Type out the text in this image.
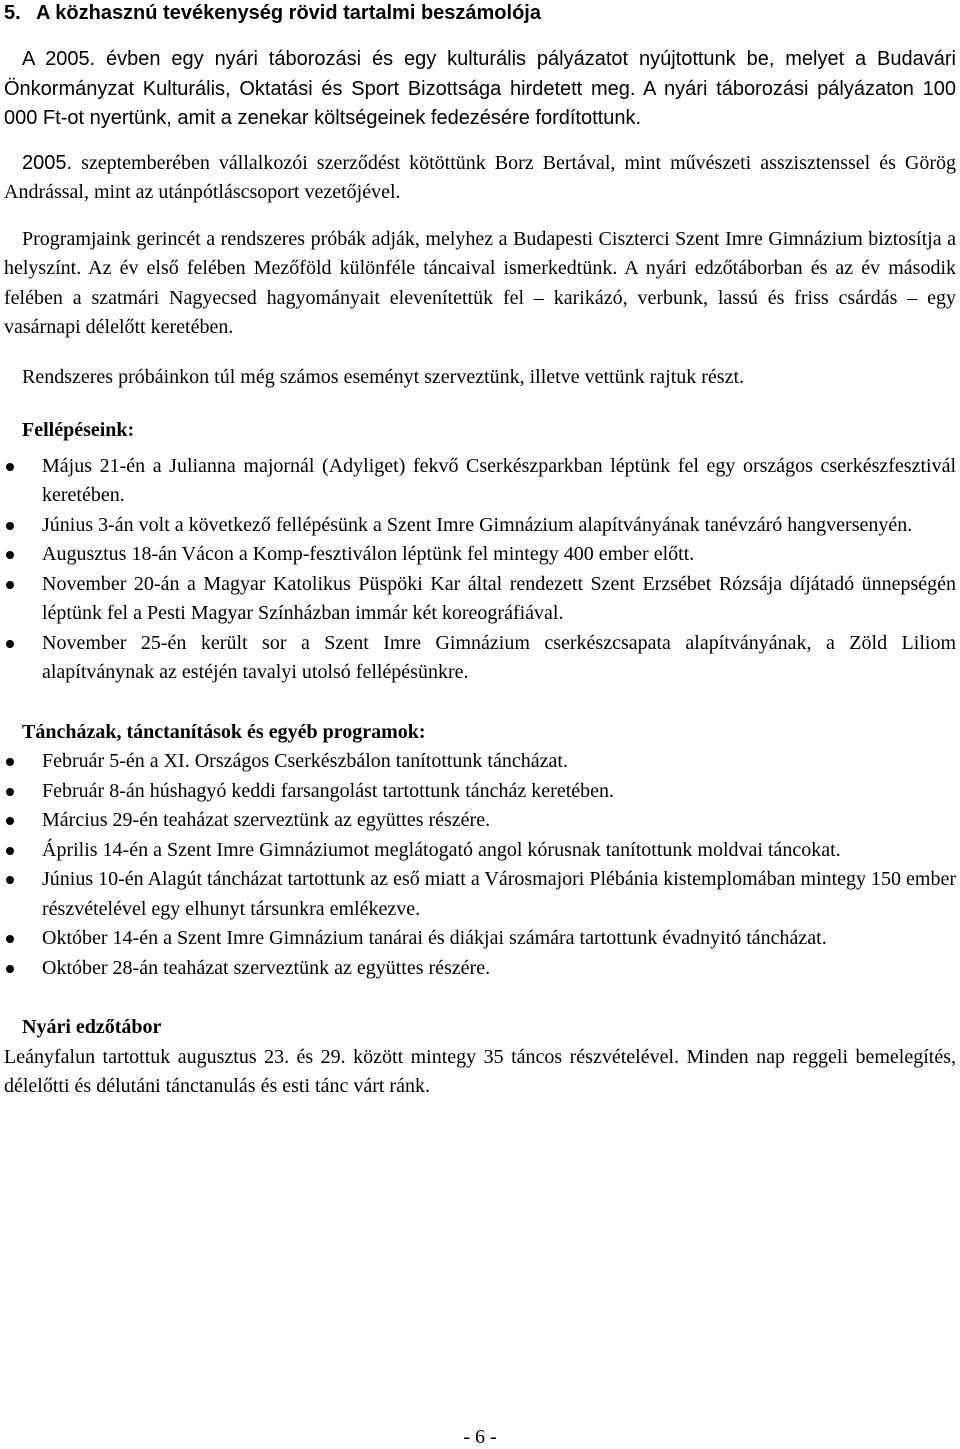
5. A közhasznú tevékenység rövid tartalmi beszámolója

A 2005. évben egy nyári táborozási és egy kulturális pályázatot nyújtottunk be, melyet a Budavári Önkormányzat Kulturális, Oktatási és Sport Bizottsága hirdetett meg. A nyári táborozási pályázaton 100 000 Ft-ot nyertünk, amit a zenekar költségeinek fedezésére fordítottunk.

2005. szeptemberében vállalkozói szerződést kötöttünk Borz Bertával, mint művészeti asszisztenssel és Görög Andrással, mint az utánpótláscsoport vezetőjével.

Programjaink gerincét a rendszeres próbák adják, melyhez a Budapesti Ciszterci Szent Imre Gimnázium biztosítja a helyszínt. Az év első felében Mezőföld különféle táncaival ismerkedtünk. A nyári edzőtáborban és az év második felében a szatmári Nagyecsed hagyományait elevenítettük fel – karikázó, verbunk, lassú és friss csárdás – egy vasárnapi délelőtt keretében.

Rendszeres próbáinkon túl még számos eseményt szerveztünk, illetve vettünk rajtuk részt.

Fellépéseink:
Május 21-én a Julianna majornál (Adyliget) fekvő Cserkészparkban léptünk fel egy országos cserkészfesztivál keretében.
Június 3-án volt a következő fellépésünk a Szent Imre Gimnázium alapítványának tanévzáró hangversenyén.
Augusztus 18-án Vácon a Komp-fesztiválon léptünk fel mintegy 400 ember előtt.
November 20-án a Magyar Katolikus Püspöki Kar által rendezett Szent Erzsébet Rózsája díjátadó ünnepségén léptünk fel a Pesti Magyar Színházban immár két koreográfiával.
November 25-én került sor a Szent Imre Gimnázium cserkészcsapata alapítványának, a Zöld Liliom alapítványnak az estéjén tavalyi utolsó fellépésünkre.
Táncházak, tánctanítások és egyéb programok:
Február 5-én a XI. Országos Cserkészbálon tanítottunk táncházat.
Február 8-án húshagyó keddi farsangolást tartottunk táncház keretében.
Március 29-én teaházat szerveztünk az együttes részére.
Április 14-én a Szent Imre Gimnáziumot meglátogató angol kórusnak tanítottunk moldvai táncokat.
Június 10-én Alagút táncházat tartottunk az eső miatt a Városmajori Plébánia kistemplomában mintegy 150 ember részvételével egy elhunyt társunkra emlékezve.
Október 14-én a Szent Imre Gimnázium tanárai és diákjai számára tartottunk évadnyitó táncházat.
Október 28-án teaházat szerveztünk az együttes részére.
Nyári edzőtábor

Leányfalun tartottuk augusztus 23. és 29. között mintegy 35 táncos részvételével. Minden nap reggeli bemelegítés, délelőtti és délutáni tánctanulás és esti tánc várt ránk.

- 6 -
